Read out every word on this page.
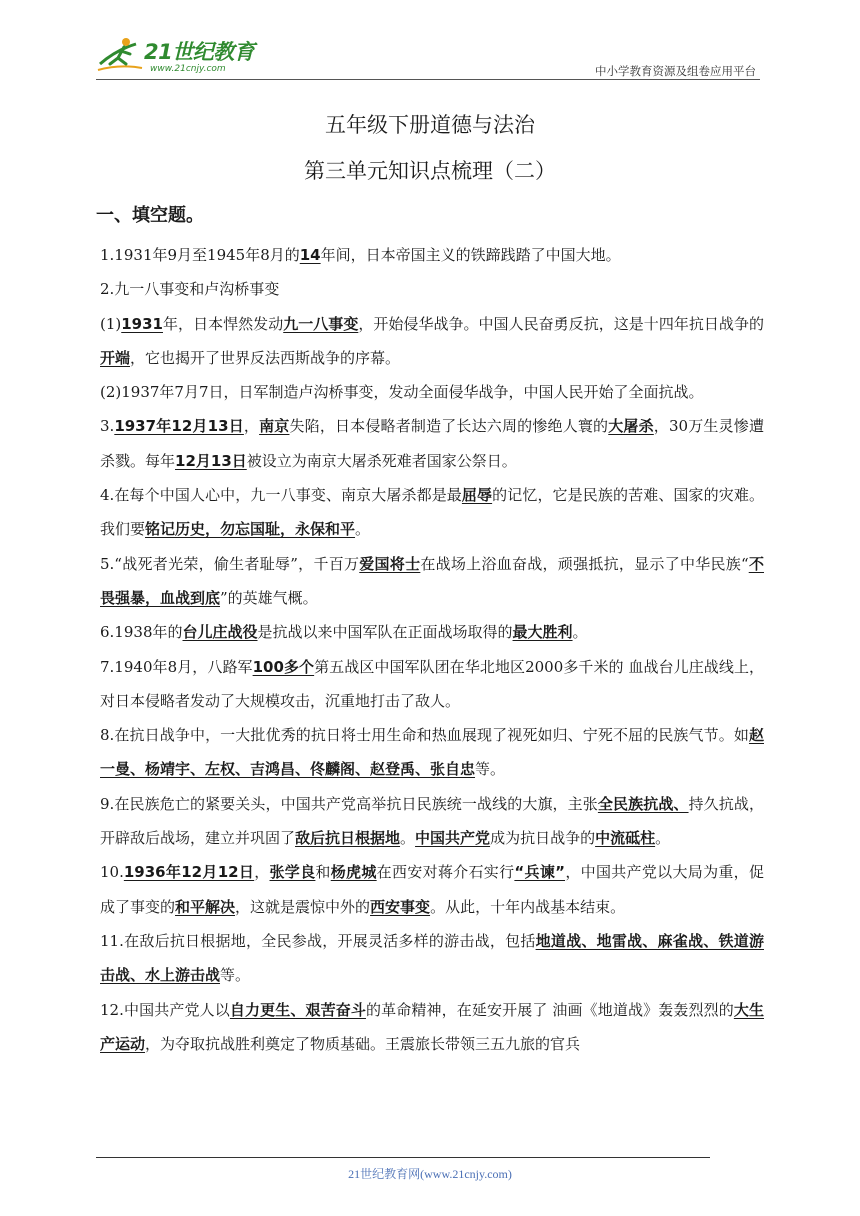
21世纪教育
www.21cnjy.com	中小学教育资源及组卷应用平台
五年级下册道德与法治
第三单元知识点梳理（二）
一、填空题。

1.1931年9月至1945年8月的14年间，日本帝国主义的铁蹄践踏了中国大地。

2.九一八事变和卢沟桥事变

(1)1931年，日本悍然发动九一八事变，开始侵华战争。中国人民奋勇反抗，这是十四年抗日战争的开端，它也揭开了世界反法西斯战争的序幕。

(2)1937年7月7日，日军制造卢沟桥事变，发动全面侵华战争，中国人民开始了全面抗战。

3.1937年12月13日，南京失陷，日本侵略者制造了长达六周的惨绝人寰的大屠杀，30万生灵惨遭杀戮。每年12月13日被设立为南京大屠杀死难者国家公祭日。

4.在每个中国人心中，九一八事变、南京大屠杀都是最屈辱的记忆，它是民族的苦难、国家的灾难。我们要铭记历史，勿忘国耻，永保和平。

5.“战死者光荣，偷生者耻辱”，千百万爱国将士在战场上浴血奋战，顽强抵抗，显示了中华民族“不畏强暴，血战到底”的英雄气概。

6.1938年的台儿庄战役是抗战以来中国军队在正面战场取得的最大胜利。

7.1940年8月，八路军100多个第五战区中国军队团在华北地区2000多千米的 血战台儿庄战线上，对日本侵略者发动了大规模攻击，沉重地打击了敌人。

8.在抗日战争中，一大批优秀的抗日将士用生命和热血展现了视死如归、宁死不屈的民族气节。如赵一曼、杨靖宇、左权、吉鸿昌、佟麟阁、赵登禹、张自忠等。

9.在民族危亡的紧要关头，中国共产党高举抗日民族统一战线的大旗，主张全民族抗战、持久抗战，开辟敌后战场，建立并巩固了敌后抗日根据地。中国共产党成为抗日战争的中流砥柱。

10.1936年12月12日，张学良和杨虎城在西安对蒋介石实行“兵谏”，中国共产党以大局为重，促成了事变的和平解决，这就是震惊中外的西安事变。从此，十年内战基本结束。

11.在敌后抗日根据地，全民参战，开展灵活多样的游击战，包括地道战、地雷战、麻雀战、铁道游击战、水上游击战等。

12.中国共产党人以自力更生、艰苦奋斗的革命精神，在延安开展了 油画《地道战》轰轰烈烈的大生产运动，为夺取抗战胜利奠定了物质基础。王震旅长带领三五九旅的官兵

21世纪教育网(www.21cnjy.com)
